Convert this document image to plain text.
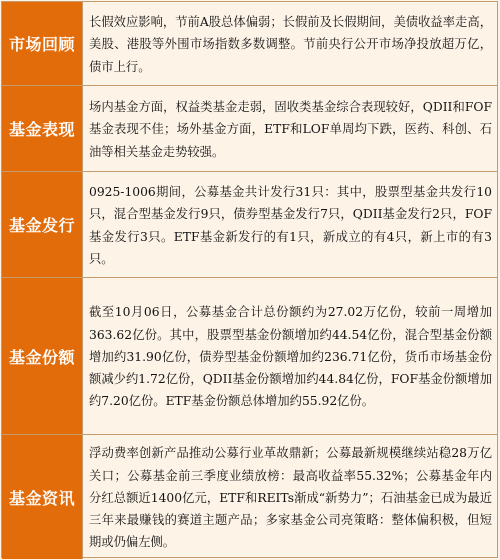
市场回顾

长假效应影响，节前A股总体偏弱；长假前及长假期间，美债收益率走高，美股、港股等外围市场指数多数调整。节前央行公开市场净投放超万亿，债市上行。

基金表现

场内基金方面，权益类基金走弱，固收类基金综合表现较好，QDII和FOF基金表现不佳；场外基金方面，ETF和LOF单周均下跌，医药、科创、石油等相关基金走势较强。

基金发行

0925-1006期间，公募基金共计发行31只：其中，股票型基金共发行10只，混合型基金发行9只，债券型基金发行7只，QDII基金发行2只，FOF基金发行3只。ETF基金新发行的有1只，新成立的有4只，新上市的有3只。

基金份额

截至10月06日，公募基金合计总份额约为27.02万亿份，较前一周增加363.62亿份。其中，股票型基金份额增加约44.54亿份，混合型基金份额增加约31.90亿份，债券型基金份额增加约236.71亿份，货币市场基金份额减少约1.72亿份，QDII基金份额增加约44.84亿份，FOF基金份额增加约7.20亿份。ETF基金份额总体增加约55.92亿份。

基金资讯

浮动费率创新产品推动公募行业革故鼎新；公募最新规模继续站稳28万亿关口；公募基金前三季度业绩放榜：最高收益率55.32%；公募基金年内分红总额近1400亿元，ETF和REITs渐成“新势力”；石油基金已成为最近三年来最赚钱的赛道主题产品；多家基金公司亮策略：整体偏积极，但短期或仍偏左侧。
